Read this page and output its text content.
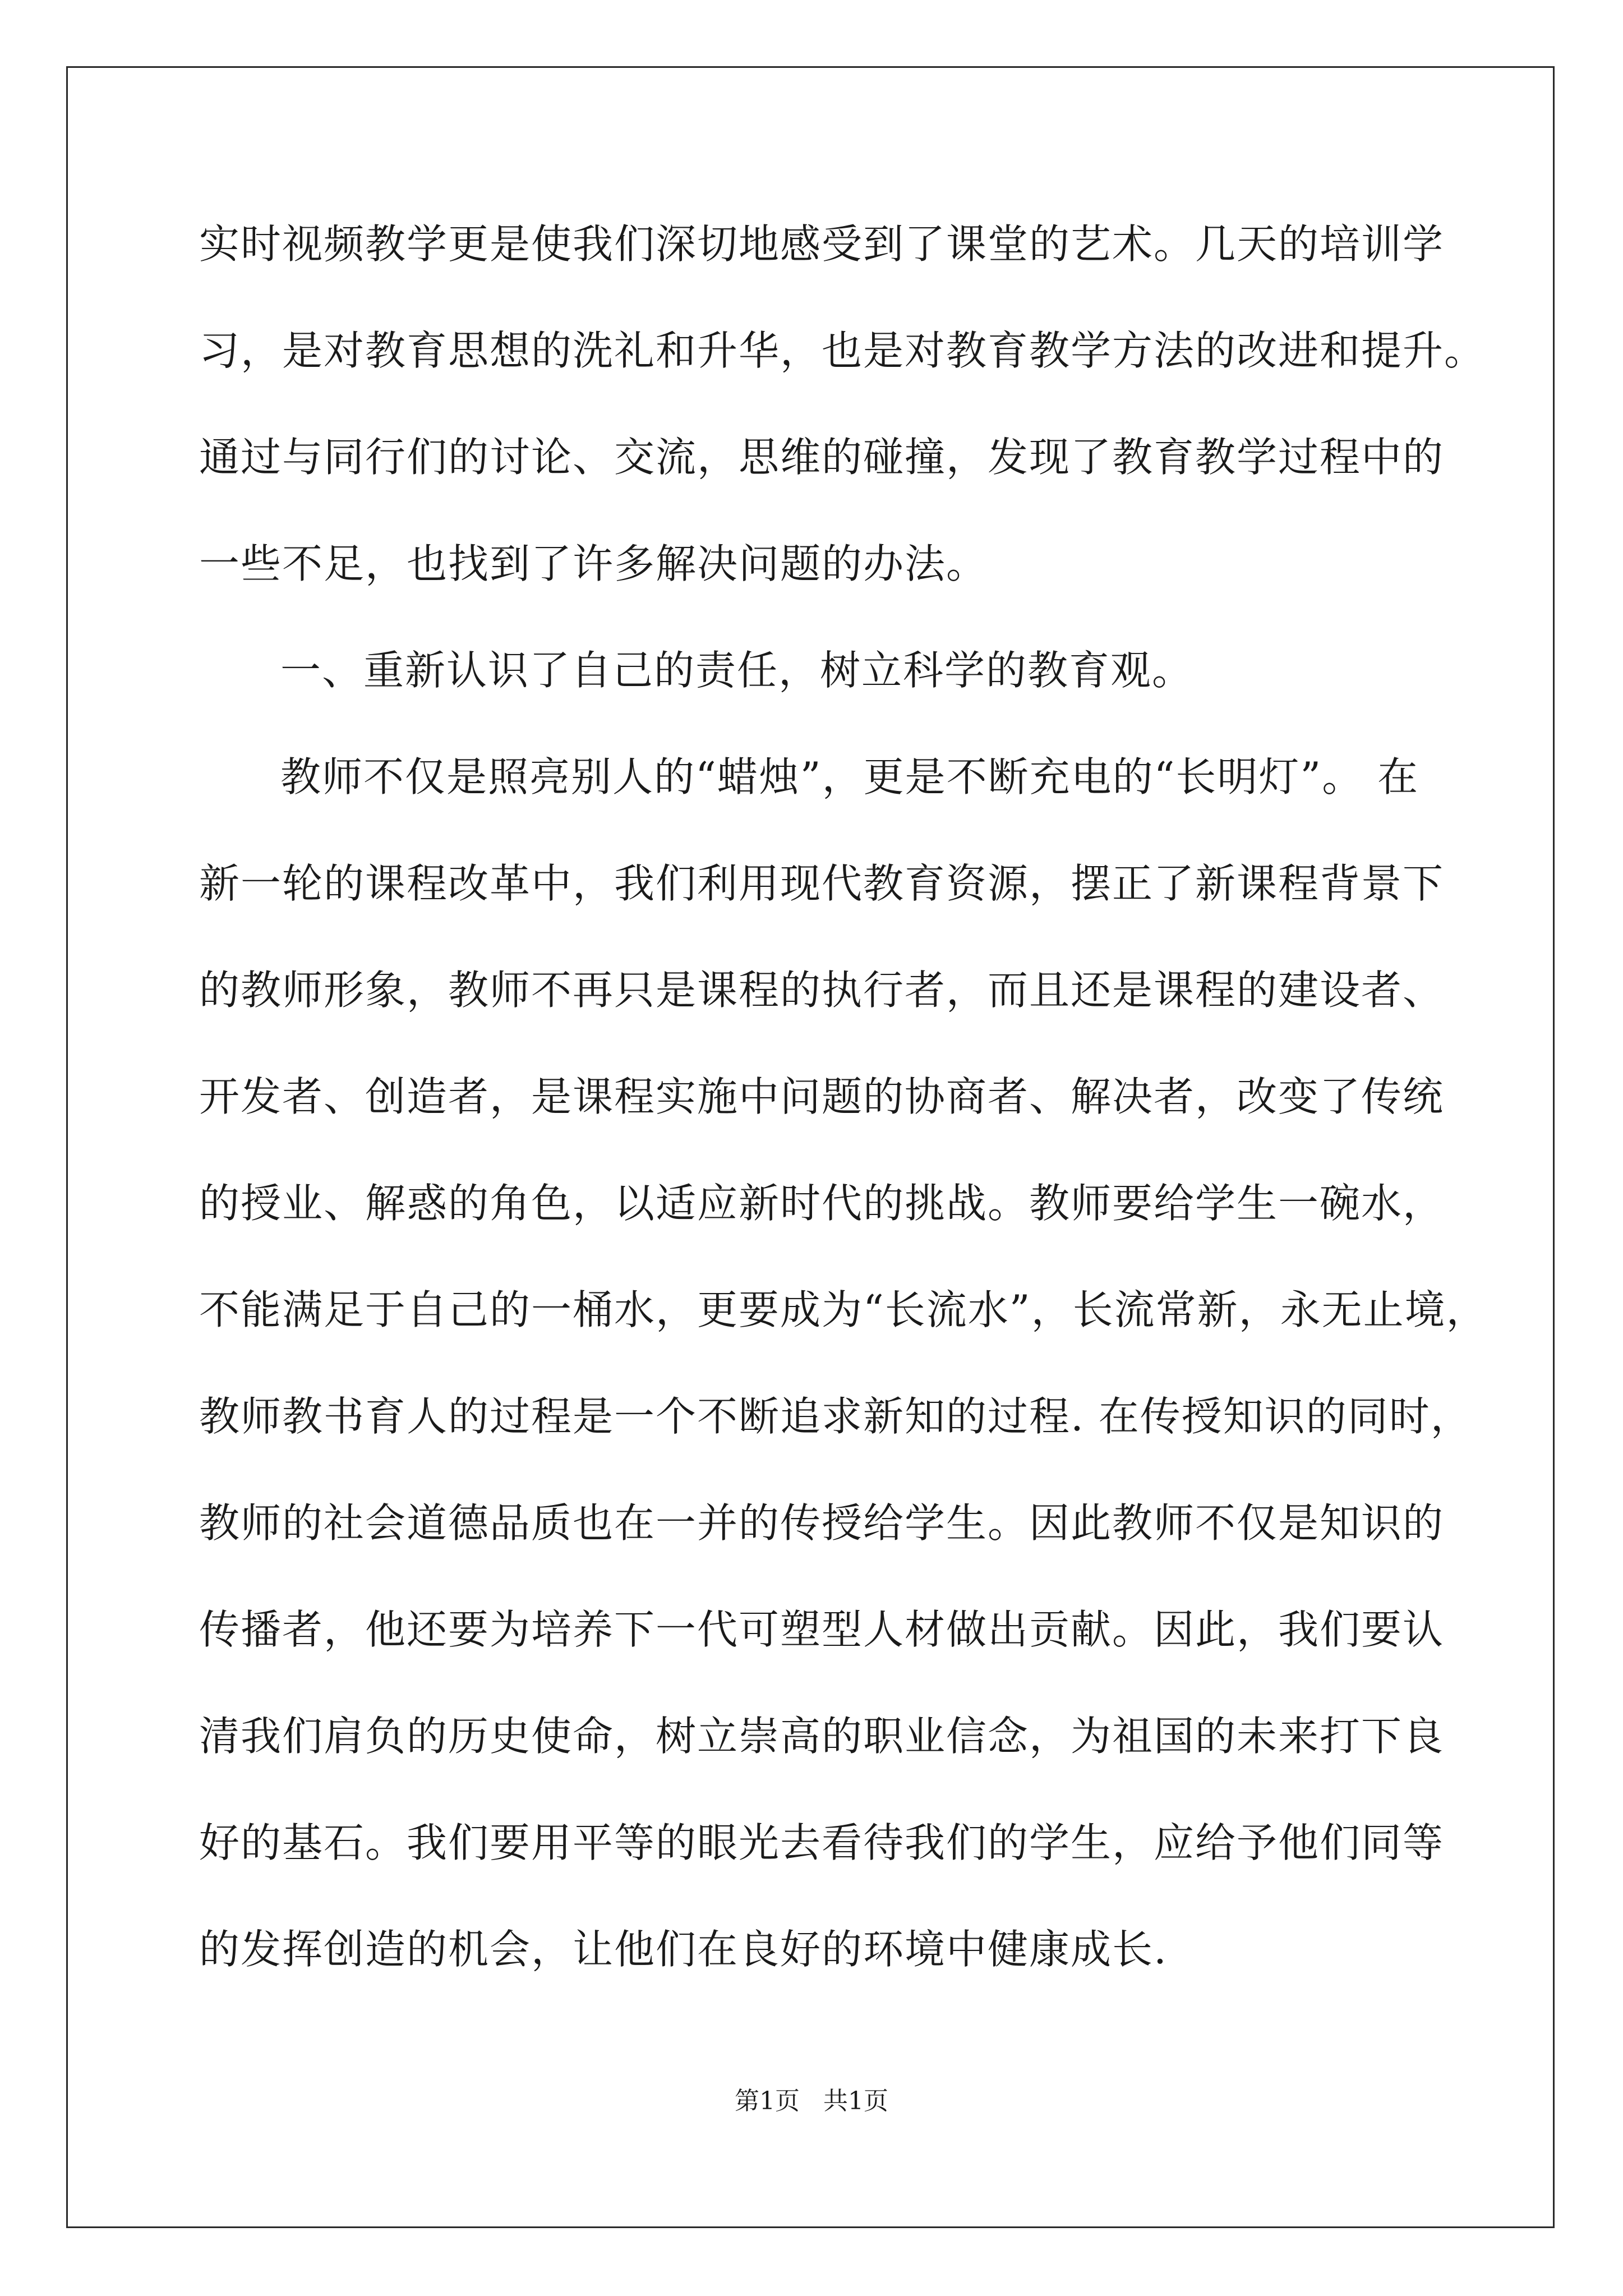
实时视频教学更是使我们深切地感受到了课堂的艺术。几天的培训学
习，是对教育思想的洗礼和升华，也是对教育教学方法的改进和提升。
通过与同行们的讨论、交流，思维的碰撞，发现了教育教学过程中的
一些不足，也找到了许多解决问题的办法。
一、重新认识了自己的责任，树立科学的教育观。
教师不仅是照亮别人的“蜡烛”，更是不断充电的“长明灯”。 在
新一轮的课程改革中，我们利用现代教育资源，摆正了新课程背景下
的教师形象，教师不再只是课程的执行者，而且还是课程的建设者、
开发者、创造者，是课程实施中问题的协商者、解决者，改变了传统
的授业、解惑的角色，以适应新时代的挑战。教师要给学生一碗水，
不能满足于自己的一桶水，更要成为“长流水”，长流常新，永无止境，
教师教书育人的过程是一个不断追求新知的过程. 在传授知识的同时，
教师的社会道德品质也在一并的传授给学生。因此教师不仅是知识的
传播者，他还要为培养下一代可塑型人材做出贡献。因此，我们要认
清我们肩负的历史使命，树立崇高的职业信念，为祖国的未来打下良
好的基石。我们要用平等的眼光去看待我们的学生，应给予他们同等
的发挥创造的机会，让他们在良好的环境中健康成长.
第1页   共1页
